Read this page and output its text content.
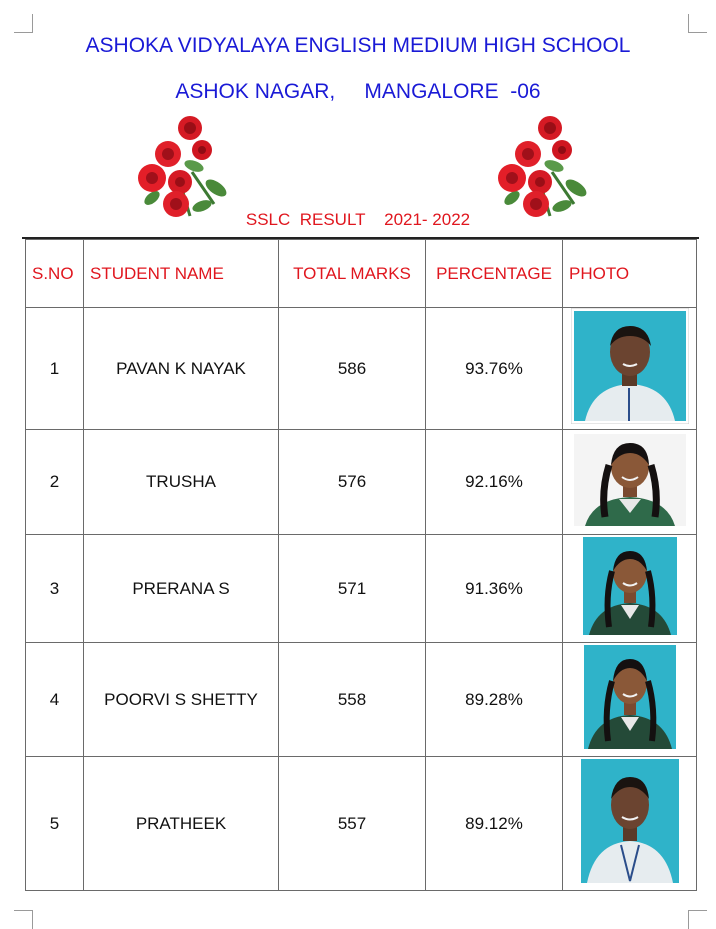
ASHOKA VIDYALAYA ENGLISH MEDIUM HIGH SCHOOL
ASHOK NAGAR,     MANGALORE  -06
SSLC  RESULT    2021- 2022
S.NO	STUDENT NAME	TOTAL MARKS	PERCENTAGE	PHOTO
1	PAVAN K NAYAK	586	93.76%	
2	TRUSHA	576	92.16%	
3	PRERANA S	571	91.36%	
4	POORVI S SHETTY	558	89.28%	
5	PRATHEEK	557	89.12%	
